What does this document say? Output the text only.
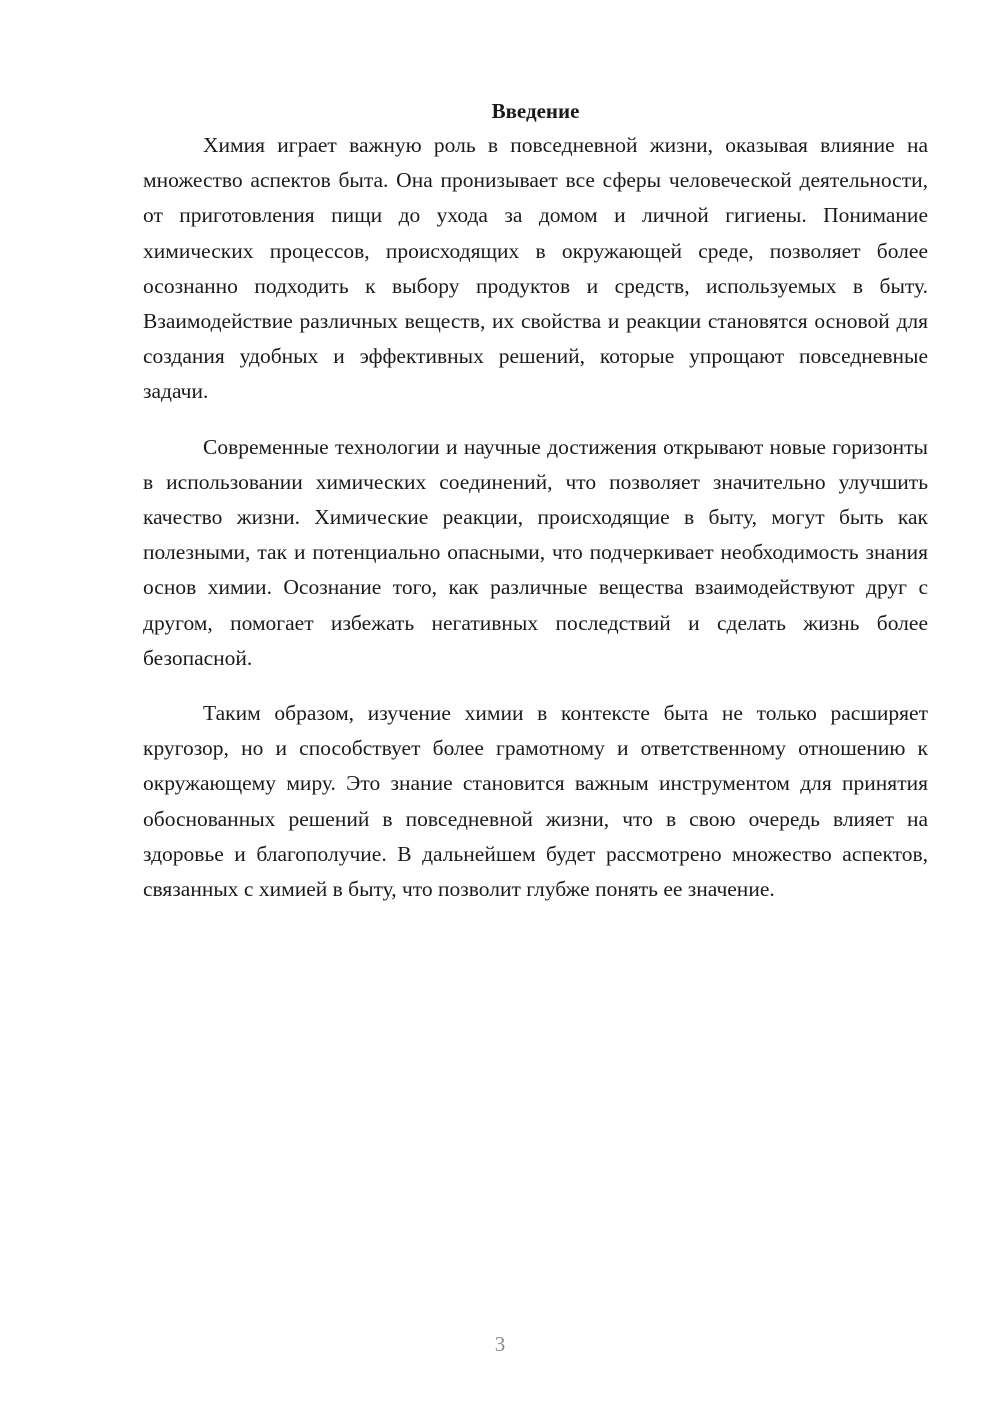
Введение

Химия играет важную роль в повседневной жизни, оказывая влияние на множество аспектов быта. Она пронизывает все сферы человеческой деятельности, от приготовления пищи до ухода за домом и личной гигиены. Понимание химических процессов, происходящих в окружающей среде, позволяет более осознанно подходить к выбору продуктов и средств, используемых в быту. Взаимодействие различных веществ, их свойства и реакции становятся основой для создания удобных и эффективных решений, которые упрощают повседневные задачи.

Современные технологии и научные достижения открывают новые горизонты в использовании химических соединений, что позволяет значительно улучшить качество жизни. Химические реакции, происходящие в быту, могут быть как полезными, так и потенциально опасными, что подчеркивает необходимость знания основ химии. Осознание того, как различные вещества взаимодействуют друг с другом, помогает избежать негативных последствий и сделать жизнь более безопасной.

Таким образом, изучение химии в контексте быта не только расширяет кругозор, но и способствует более грамотному и ответственному отношению к окружающему миру. Это знание становится важным инструментом для принятия обоснованных решений в повседневной жизни, что в свою очередь влияет на здоровье и благополучие. В дальнейшем будет рассмотрено множество аспектов, связанных с химией в быту, что позволит глубже понять ее значение.

3
